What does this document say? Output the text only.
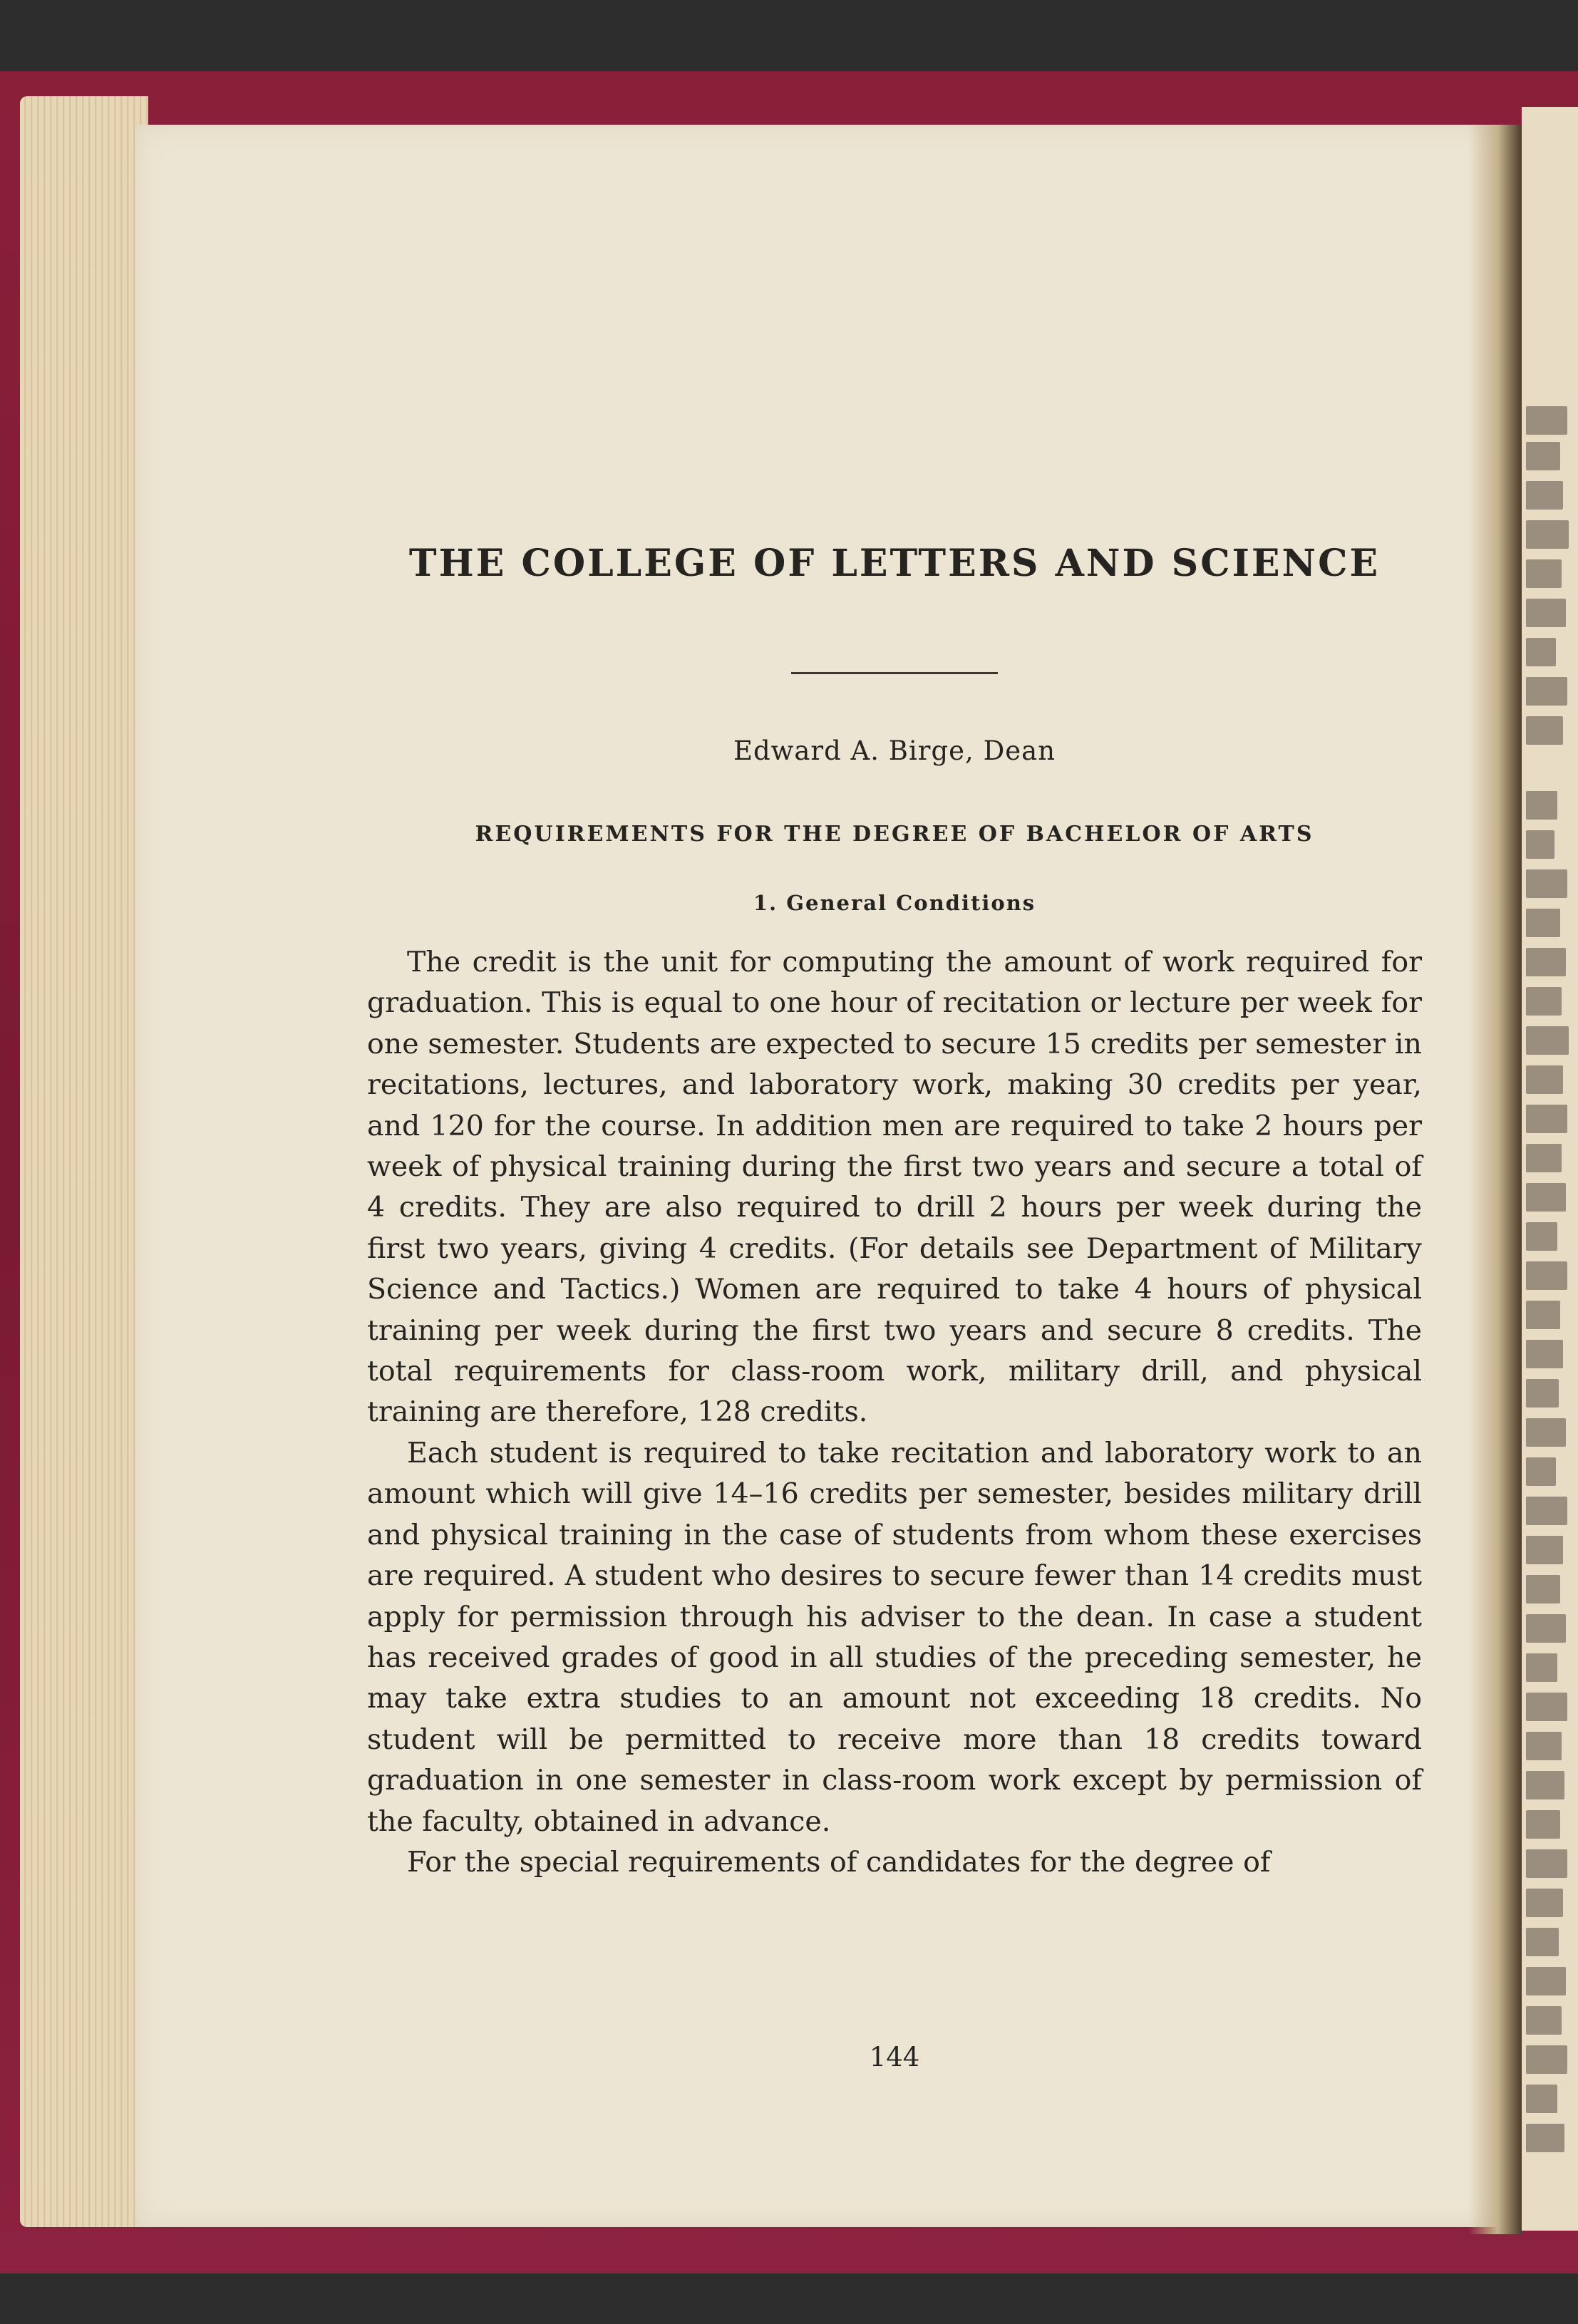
THE COLLEGE OF LETTERS AND SCIENCE
Edward A. Birge, Dean
REQUIREMENTS FOR THE DEGREE OF BACHELOR OF ARTS
1. General Conditions

The credit is the unit for computing the amount of work required for graduation. This is equal to one hour of recitation or lecture per week for one semester. Students are expected to secure 15 credits per semester in recitations, lectures, and laboratory work, making 30 credits per year, and 120 for the course. In addition men are required to take 2 hours per week of physical training during the first two years and secure a total of 4 credits. They are also required to drill 2 hours per week during the first two years, giving 4 credits. (For details see Department of Military Science and Tactics.) Women are required to take 4 hours of physical training per week during the first two years and secure 8 credits. The total requirements for class-room work, military drill, and physical training are therefore, 128 credits.

Each student is required to take recitation and laboratory work to an amount which will give 14–16 credits per semester, besides military drill and physical training in the case of students from whom these exercises are required. A student who desires to secure fewer than 14 credits must apply for permission through his adviser to the dean. In case a student has received grades of good in all studies of the preceding semester, he may take extra studies to an amount not exceeding 18 credits. No student will be permitted to receive more than 18 credits toward graduation in one semester in class-room work except by permission of the faculty, obtained in advance.

For the special requirements of candidates for the degree of

144
